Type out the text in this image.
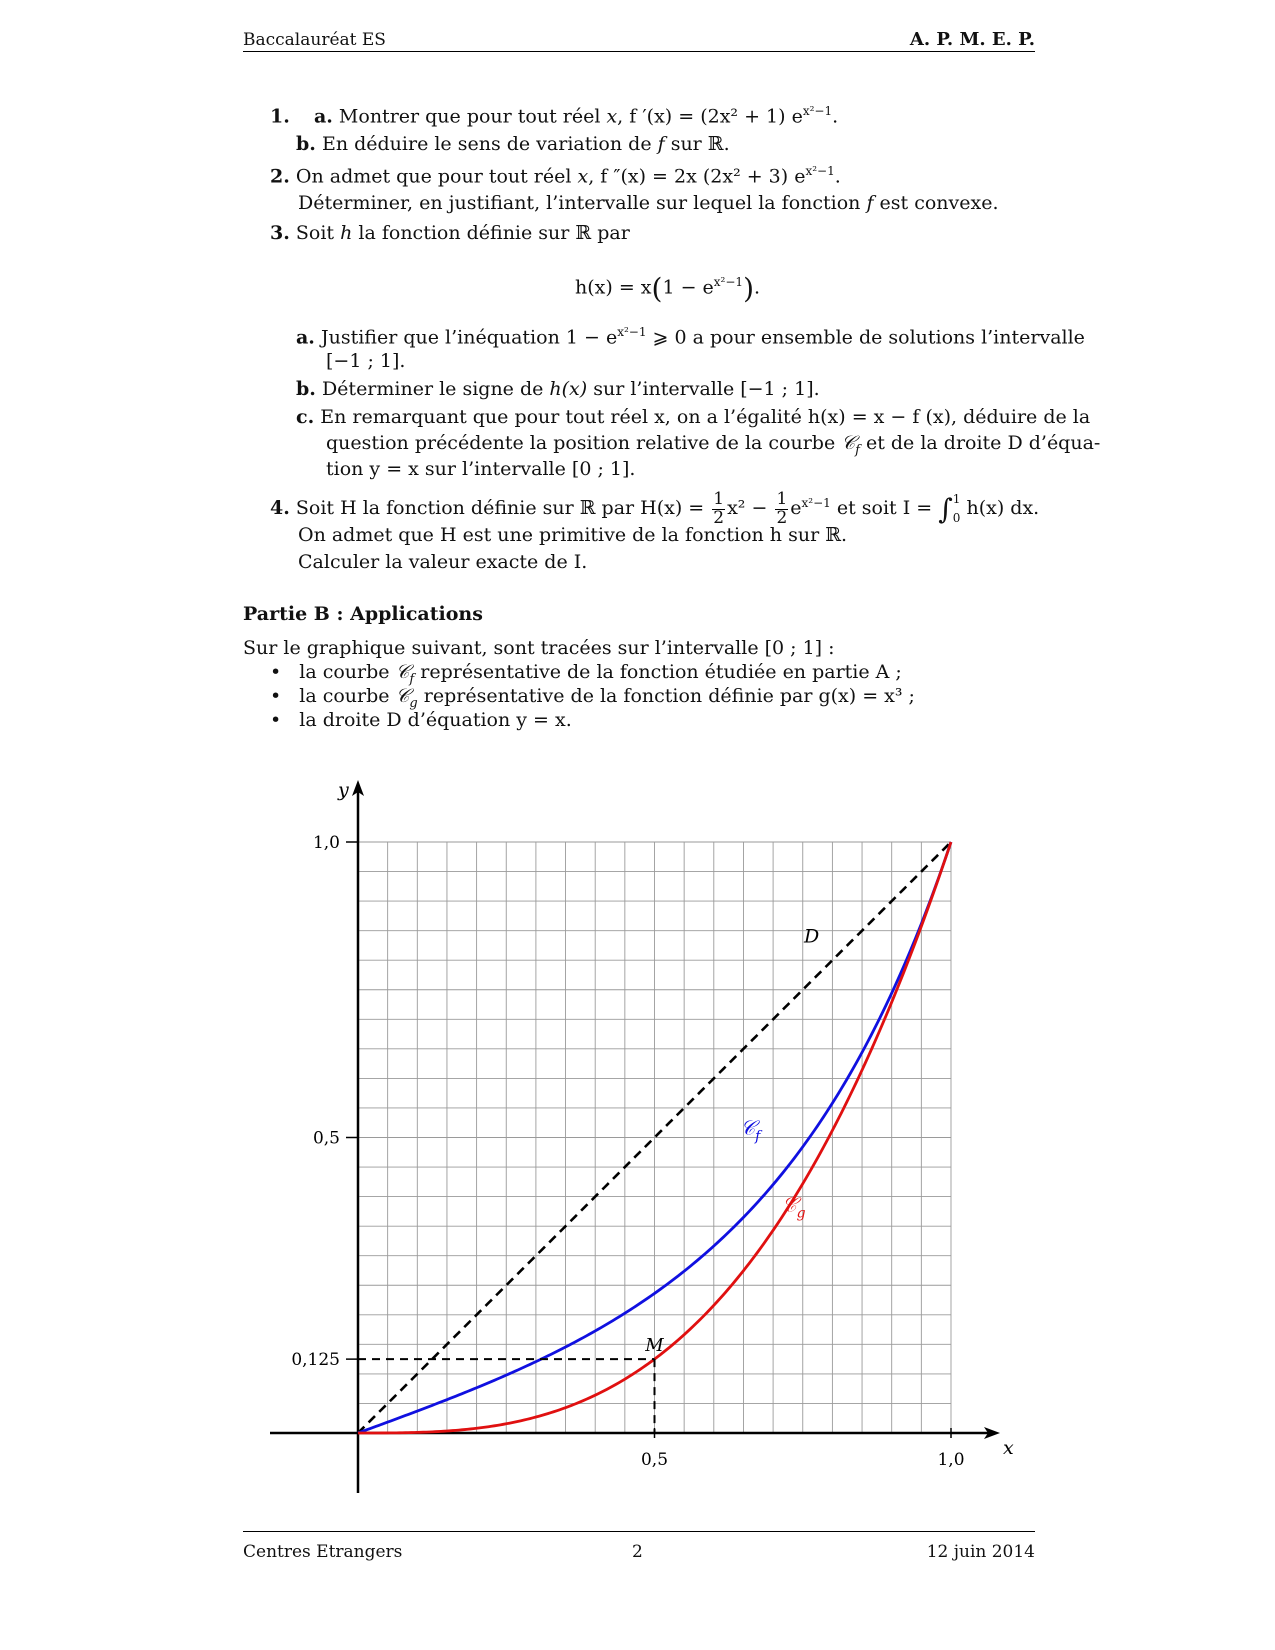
Baccalauréat ES	A. P. M. E. P.
1. a. Montrer que pour tout réel x, f ′(x) = (2x² + 1) $e^{x^2-1}$.
b. En déduire le sens de variation de f sur ℝ.
2. On admet que pour tout réel x, f ″(x) = 2x (2x² + 3) $e^{x^2-1}$.
Déterminer, en justifiant, l’intervalle sur lequel la fonction f est convexe.
3. Soit h la fonction définie sur ℝ par
$h(x) = x(1 - e^{x^2-1})$.
a. Justifier que l’inéquation $1 - e^{x^2-1}$ ⩾ 0 a pour ensemble de solutions l’intervalle
[−1 ; 1].
b. Déterminer le signe de h(x) sur l’intervalle [−1 ; 1].
c. En remarquant que pour tout réel x, on a l’égalité h(x) = x − f (x), déduire de la
question précédente la position relative de la courbe 𝒞$_f$ et de la droite D d’équa-
tion y = x sur l’intervalle [0 ; 1].
4. Soit H la fonction définie sur ℝ par $H(x) = \frac{1}{2} x^2 - \frac{1}{2} e^{x^2-1}$ et soit I = ∫ 1
0 h(x) dx.
On admet que H est une primitive de la fonction h sur ℝ.
Calculer la valeur exacte de I.
Partie B : Applications
Sur le graphique suivant, sont tracées sur l’intervalle [0 ; 1] :
• la courbe 𝒞$_f$ représentative de la fonction étudiée en partie A ;
• la courbe 𝒞$_g$ représentative de la fonction définie par g(x) = x³ ;
• la droite D d’équation y = x.
x
y
0,5	1,0
0,125
0,5
1,0
D
𝒞$_f$
𝒞$_g$
M
Centres Etrangers	2	12 juin 2014
